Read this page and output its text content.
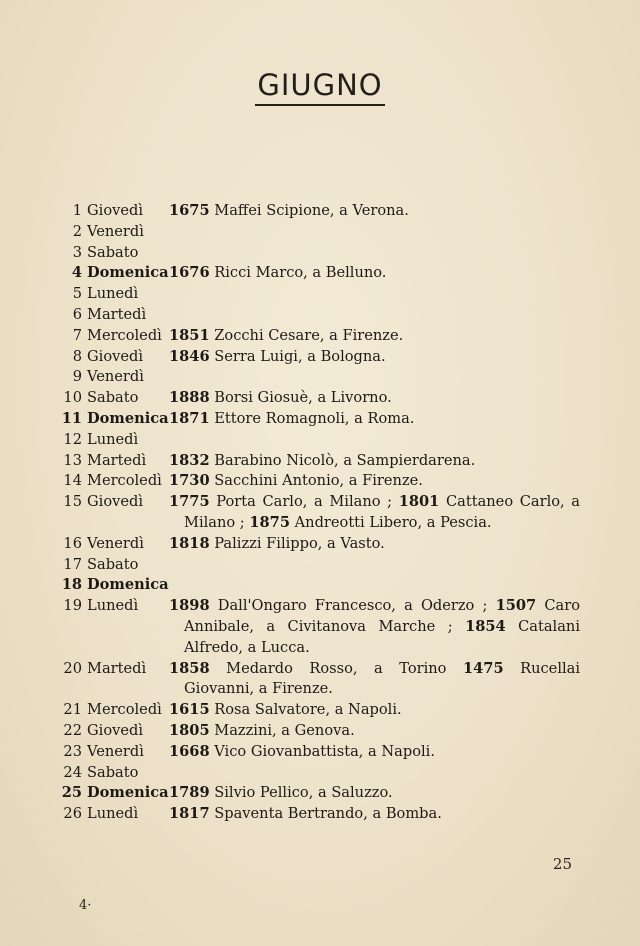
GIUGNO
1 Giovedì 1675 Maffei Scipione, a Verona.
2 Venerdì
3 Sabato
4 Domenica 1676 Ricci Marco, a Belluno.
5 Lunedì
6 Martedì
7 Mercoledì 1851 Zocchi Cesare, a Firenze.
8 Giovedì 1846 Serra Luigi, a Bologna.
9 Venerdì
10 Sabato 1888 Borsi Giosuè, a Livorno.
11 Domenica 1871 Ettore Romagnoli, a Roma.
12 Lunedì
13 Martedì 1832 Barabino Nicolò, a Sampierdarena.
14 Mercoledì 1730 Sacchini Antonio, a Firenze.
15 Giovedì 1775 Porta Carlo, a Milano ; 1801 Cattaneo Carlo, a Milano ; 1875 Andreotti Libero, a Pescia.
16 Venerdì 1818 Palizzi Filippo, a Vasto.
17 Sabato
18 Domenica
19 Lunedì 1898 Dall'Ongaro Francesco, a Oderzo ; 1507 Caro Annibale, a Civitanova Marche ; 1854 Catalani Alfredo, a Lucca.
20 Martedì 1858 Medardo Rosso, a Torino 1475 Rucellai Giovanni, a Firenze.
21 Mercoledì 1615 Rosa Salvatore, a Napoli.
22 Giovedì 1805 Mazzini, a Genova.
23 Venerdì 1668 Vico Giovanbattista, a Napoli.
24 Sabato
25 Domenica 1789 Silvio Pellico, a Saluzzo.
26 Lunedì 1817 Spaventa Bertrando, a Bomba.
25
4·
